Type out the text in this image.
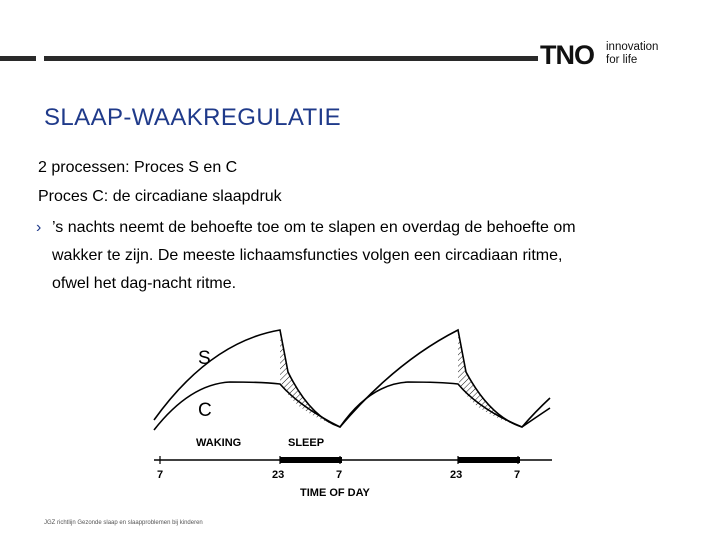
TNO innovation
for life
SLAAP-WAAKREGULATIE
2 processen: Proces S en C
Proces C: de circadiane slaapdruk
› ’s nachts neemt de behoefte toe om te slapen en overdag de behoefte om
wakker te zijn. De meeste lichaamsfuncties volgen een circadiaan ritme,
ofwel het dag-nacht ritme.
S
C
WAKING	SLEEP
7	23	7	23	7
TIME OF DAY
JGZ richtlijn Gezonde slaap en slaapproblemen bij kinderen
